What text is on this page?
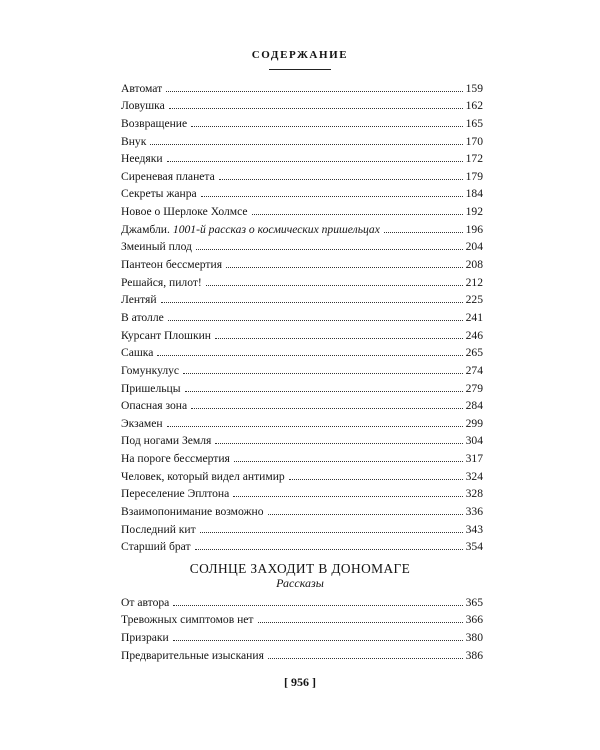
СОДЕРЖАНИЕ
Автомат	159
Ловушка	162
Возвращение	165
Внук	170
Неедяки	172
Сиреневая планета	179
Секреты жанра	184
Новое о Шерлоке Холмсе	192
Джамбли. 1001-й рассказ о космических пришельцах	196
Змеиный плод	204
Пантеон бессмертия	208
Решайся, пилот!	212
Лентяй	225
В атолле	241
Курсант Плошкин	246
Сашка	265
Гомункулус	274
Пришельцы	279
Опасная зона	284
Экзамен	299
Под ногами Земля	304
На пороге бессмертия	317
Человек, который видел антимир	324
Переселение Эплтона	328
Взаимопонимание возможно	336
Последний кит	343
Старший брат	354
СОЛНЦЕ ЗАХОДИТ В ДОНОМАГЕ
Рассказы
От автора	365
Тревожных симптомов нет	366
Призраки	380
Предварительные изыскания	386
[ 956 ]
